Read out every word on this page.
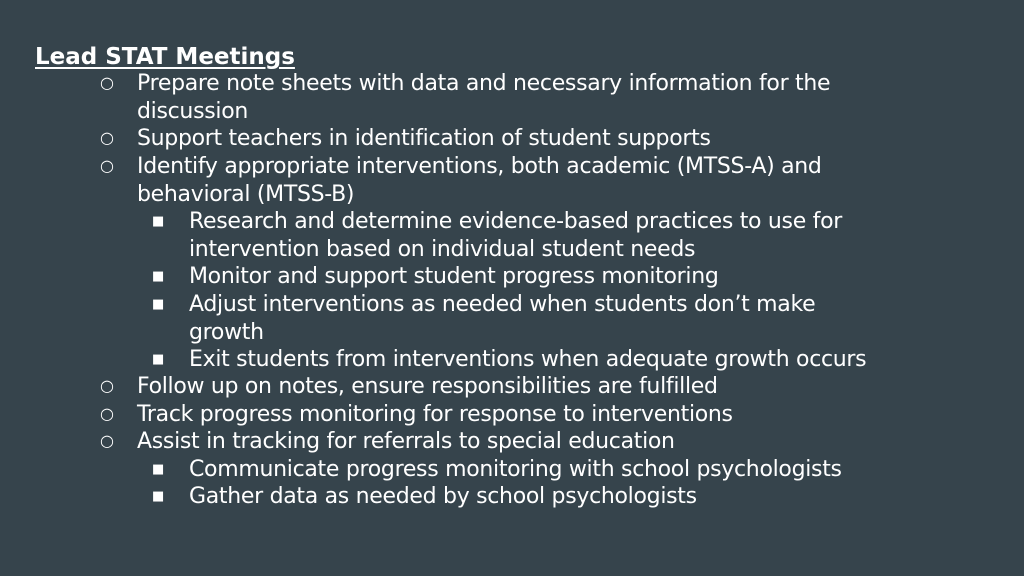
Lead STAT Meetings
○ Prepare note sheets with data and necessary information for the
discussion
○ Support teachers in identification of student supports
○ Identify appropriate interventions, both academic (MTSS-A) and
behavioral (MTSS-B)
■ Research and determine evidence-based practices to use for
intervention based on individual student needs
■ Monitor and support student progress monitoring
■ Adjust interventions as needed when students don’t make
growth
■ Exit students from interventions when adequate growth occurs
○ Follow up on notes, ensure responsibilities are fulfilled
○ Track progress monitoring for response to interventions
○ Assist in tracking for referrals to special education
■ Communicate progress monitoring with school psychologists
■ Gather data as needed by school psychologists
